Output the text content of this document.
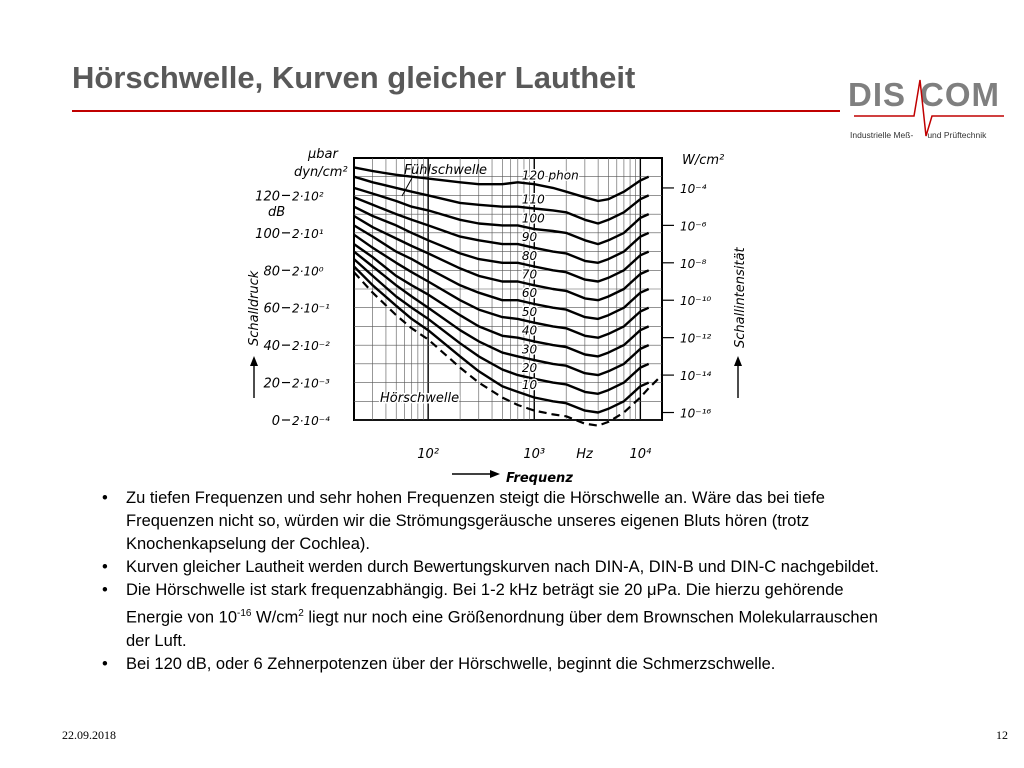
Hörschwelle, Kurven gleicher Lautheit	DIS COM
Industrielle Meß- und Prüftechnik
0 2·10⁻⁴
20 2·10⁻³
40 2·10⁻²
60 2·10⁻¹
80 2·10⁰
100 2·10¹
120 2·10²
μbar
dyn/cm²
dB
Schalldruck
10⁻¹⁶
10⁻¹⁴
10⁻¹²
10⁻¹⁰
10⁻⁸
10⁻⁶
10⁻⁴
W/cm²
Schallintensität
10²	10³	10⁴
Hz
Frequenz
120 phon
110
100
90
80
70
60
50
40
30
20
10
Fühlschwelle
Hörschwelle
• Zu tiefen Frequenzen und sehr hohen Frequenzen steigt die Hörschwelle an. Wäre das bei tiefe Frequenzen nicht so, würden wir die Strömungsgeräusche unseres eigenen Bluts hören (trotz Knochenkapselung der Cochlea).
• Kurven gleicher Lautheit werden durch Bewertungskurven nach DIN-A, DIN-B und DIN-C nachgebildet.
• Die Hörschwelle ist stark frequenzabhängig. Bei 1-2 kHz beträgt sie 20 μPa. Die hierzu gehörende Energie von $10^{-16}$ $W/cm^2$ liegt nur noch eine Größenordnung über dem Brownschen Molekularrauschen der Luft.
• Bei 120 dB, oder 6 Zehnerpotenzen über der Hörschwelle, beginnt die Schmerzschwelle.
22.09.2018	12
